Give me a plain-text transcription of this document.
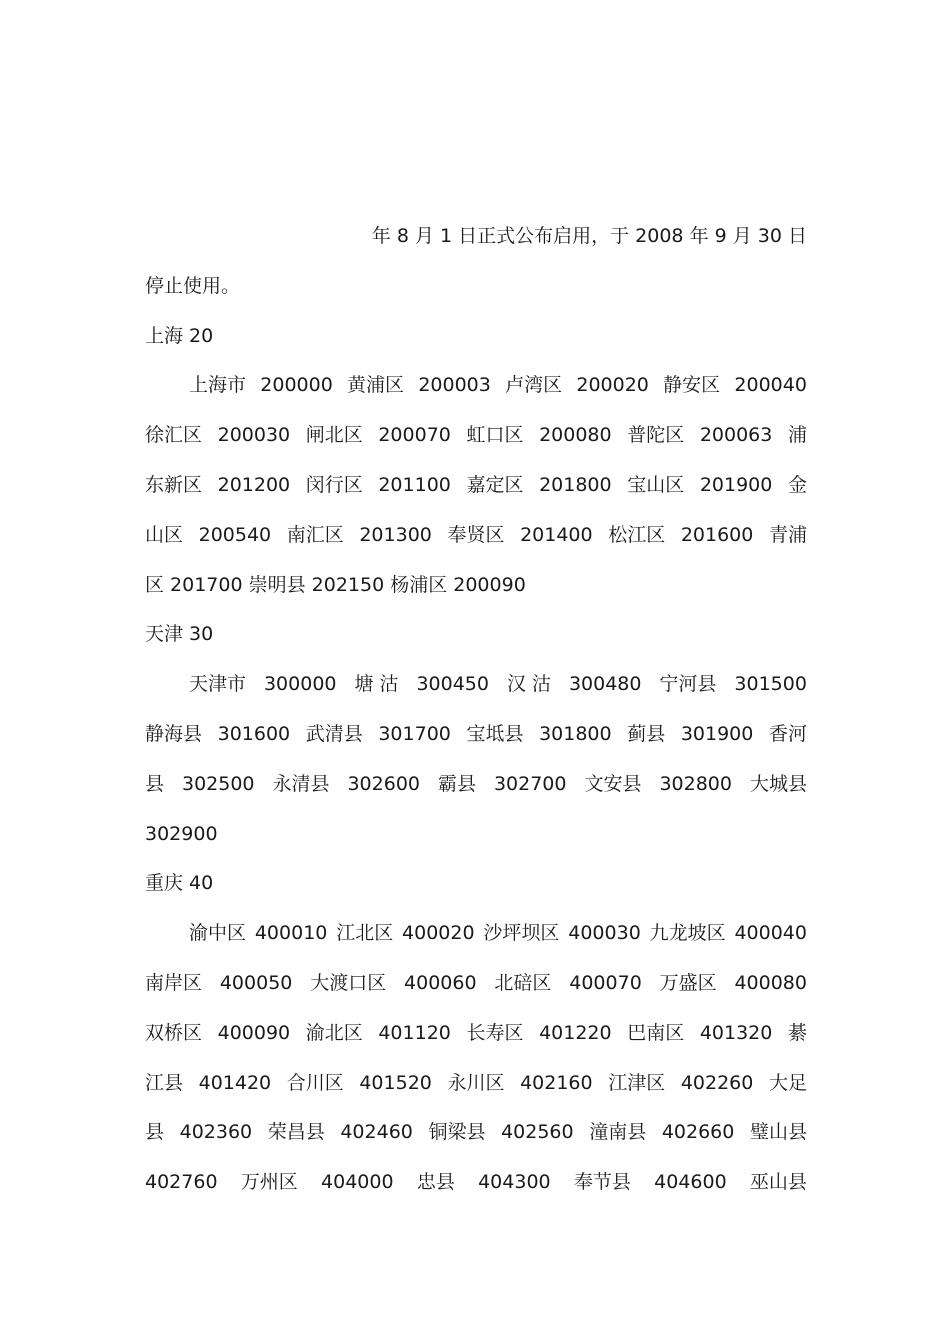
年 8 月 1 日正式公布启用，于 2008 年 9 月 30 日
停止使用。
上海 20
上海市 200000 黄浦区 200003 卢湾区 200020 静安区 200040
徐汇区 200030 闸北区 200070 虹口区 200080 普陀区 200063 浦
东新区 201200 闵行区 201100 嘉定区 201800 宝山区 201900 金
山区 200540 南汇区 201300 奉贤区 201400 松江区 201600 青浦
区 201700 崇明县 202150 杨浦区 200090
天津 30
天津市 300000 塘 沽 300450 汉 沽 300480 宁河县 301500
静海县 301600 武清县 301700 宝坻县 301800 蓟县 301900 香河
县 302500 永清县 302600 霸县 302700 文安县 302800 大城县
302900
重庆 40
渝中区 400010 江北区 400020 沙坪坝区 400030 九龙坡区 400040
南岸区 400050 大渡口区 400060 北碚区 400070 万盛区 400080
双桥区 400090 渝北区 401120 长寿区 401220 巴南区 401320 綦
江县 401420 合川区 401520 永川区 402160 江津区 402260 大足
县 402360 荣昌县 402460 铜梁县 402560 潼南县 402660 璧山县
402760 万州区 404000 忠县 404300 奉节县 404600 巫山县
